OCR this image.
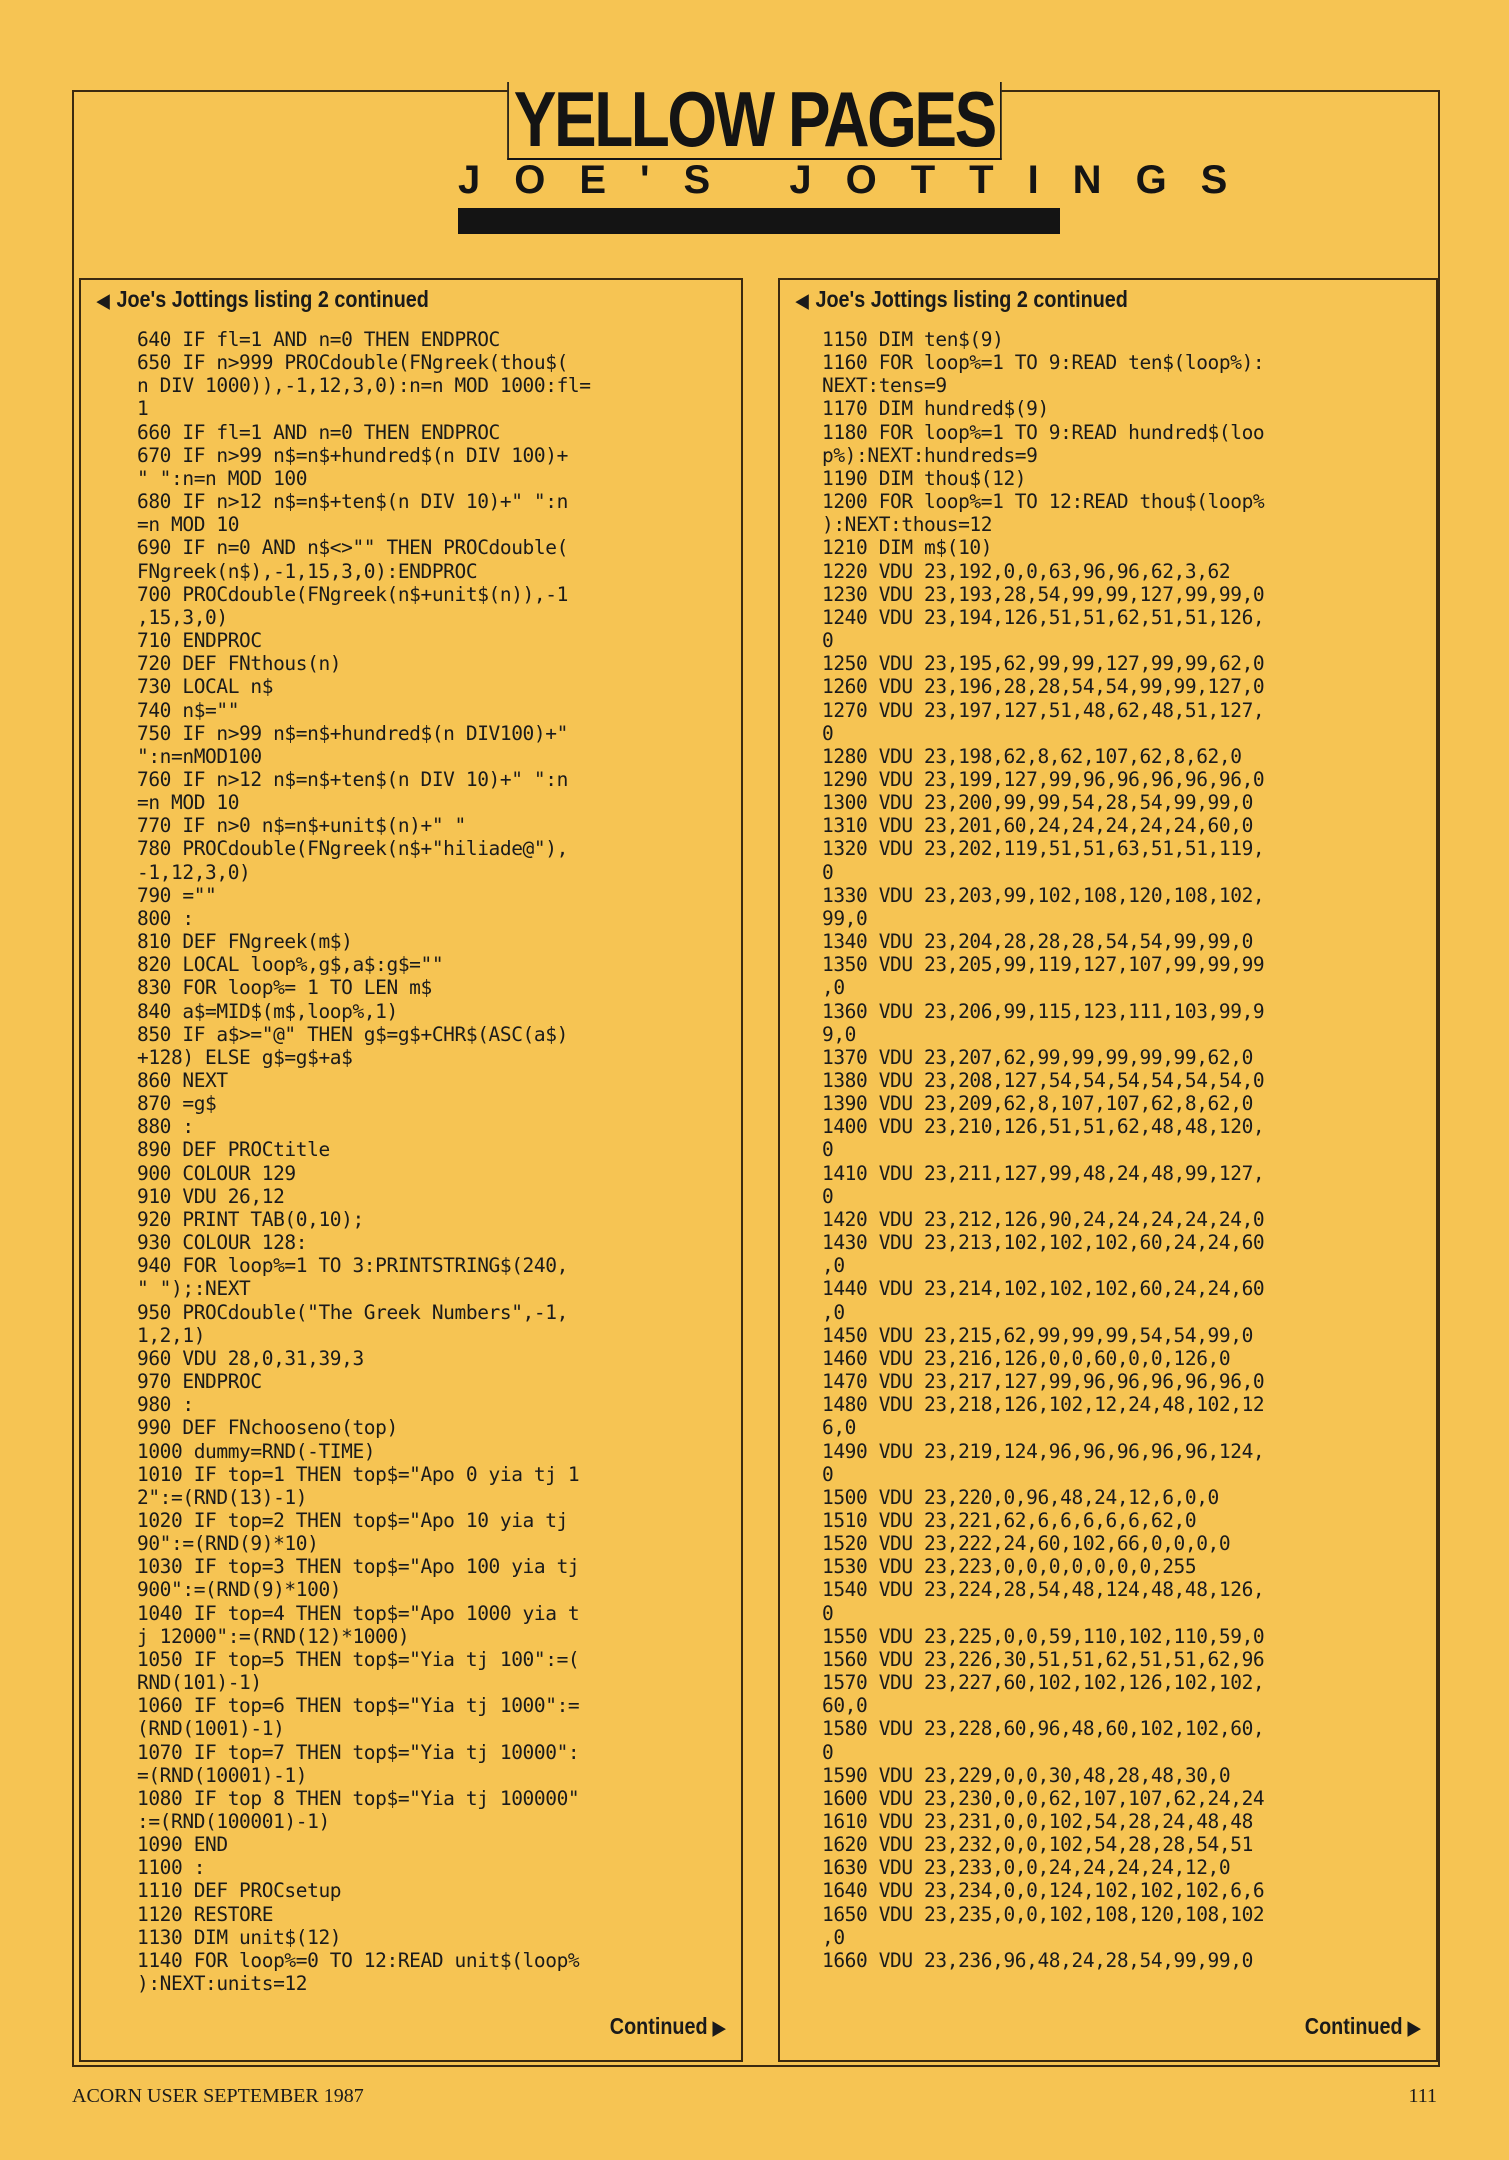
YELLOW PAGES
JOE'S JOTTINGS
◀ Joe's Jottings listing 2 continued
640 IF fl=1 AND n=0 THEN ENDPROC
650 IF n>999 PROCdouble(FNgreek(thou$(
n DIV 1000)),-1,12,3,0):n=n MOD 1000:fl=
1
660 IF fl=1 AND n=0 THEN ENDPROC
670 IF n>99 n$=n$+hundred$(n DIV 100)+
" ":n=n MOD 100
680 IF n>12 n$=n$+ten$(n DIV 10)+" ":n
=n MOD 10
690 IF n=0 AND n$<>"" THEN PROCdouble(
FNgreek(n$),-1,15,3,0):ENDPROC
700 PROCdouble(FNgreek(n$+unit$(n)),-1
,15,3,0)
710 ENDPROC
720 DEF FNthous(n)
730 LOCAL n$
740 n$=""
750 IF n>99 n$=n$+hundred$(n DIV100)+"
":n=nMOD100
760 IF n>12 n$=n$+ten$(n DIV 10)+" ":n
=n MOD 10
770 IF n>0 n$=n$+unit$(n)+" "
780 PROCdouble(FNgreek(n$+"hiliade@"),
-1,12,3,0)
790 =""
800 :
810 DEF FNgreek(m$)
820 LOCAL loop%,g$,a$:g$=""
830 FOR loop%= 1 TO LEN m$
840 a$=MID$(m$,loop%,1)
850 IF a$>="@" THEN g$=g$+CHR$(ASC(a$)
+128) ELSE g$=g$+a$
860 NEXT
870 =g$
880 :
890 DEF PROCtitle
900 COLOUR 129
910 VDU 26,12
920 PRINT TAB(0,10);
930 COLOUR 128:
940 FOR loop%=1 TO 3:PRINTSTRING$(240,
" ");:NEXT
950 PROCdouble("The Greek Numbers",-1,
1,2,1)
960 VDU 28,0,31,39,3
970 ENDPROC
980 :
990 DEF FNchooseno(top)
1000 dummy=RND(-TIME)
1010 IF top=1 THEN top$="Apo 0 yia tj 1
2":=(RND(13)-1)
1020 IF top=2 THEN top$="Apo 10 yia tj
90":=(RND(9)*10)
1030 IF top=3 THEN top$="Apo 100 yia tj
900":=(RND(9)*100)
1040 IF top=4 THEN top$="Apo 1000 yia t
j 12000":=(RND(12)*1000)
1050 IF top=5 THEN top$="Yia tj 100":=(
RND(101)-1)
1060 IF top=6 THEN top$="Yia tj 1000":=
(RND(1001)-1)
1070 IF top=7 THEN top$="Yia tj 10000":
=(RND(10001)-1)
1080 IF top 8 THEN top$="Yia tj 100000"
:=(RND(100001)-1)
1090 END
1100 :
1110 DEF PROCsetup
1120 RESTORE
1130 DIM unit$(12)
1140 FOR loop%=0 TO 12:READ unit$(loop%
):NEXT:units=12
Continued ▶
◀ Joe's Jottings listing 2 continued
1150 DIM ten$(9)
1160 FOR loop%=1 TO 9:READ ten$(loop%):
NEXT:tens=9
1170 DIM hundred$(9)
1180 FOR loop%=1 TO 9:READ hundred$(loo
p%):NEXT:hundreds=9
1190 DIM thou$(12)
1200 FOR loop%=1 TO 12:READ thou$(loop%
):NEXT:thous=12
1210 DIM m$(10)
1220 VDU 23,192,0,0,63,96,96,62,3,62
1230 VDU 23,193,28,54,99,99,127,99,99,0
1240 VDU 23,194,126,51,51,62,51,51,126,
0
1250 VDU 23,195,62,99,99,127,99,99,62,0
1260 VDU 23,196,28,28,54,54,99,99,127,0
1270 VDU 23,197,127,51,48,62,48,51,127,
0
1280 VDU 23,198,62,8,62,107,62,8,62,0
1290 VDU 23,199,127,99,96,96,96,96,96,0
1300 VDU 23,200,99,99,54,28,54,99,99,0
1310 VDU 23,201,60,24,24,24,24,24,60,0
1320 VDU 23,202,119,51,51,63,51,51,119,
0
1330 VDU 23,203,99,102,108,120,108,102,
99,0
1340 VDU 23,204,28,28,28,54,54,99,99,0
1350 VDU 23,205,99,119,127,107,99,99,99
,0
1360 VDU 23,206,99,115,123,111,103,99,9
9,0
1370 VDU 23,207,62,99,99,99,99,99,62,0
1380 VDU 23,208,127,54,54,54,54,54,54,0
1390 VDU 23,209,62,8,107,107,62,8,62,0
1400 VDU 23,210,126,51,51,62,48,48,120,
0
1410 VDU 23,211,127,99,48,24,48,99,127,
0
1420 VDU 23,212,126,90,24,24,24,24,24,0
1430 VDU 23,213,102,102,102,60,24,24,60
,0
1440 VDU 23,214,102,102,102,60,24,24,60
,0
1450 VDU 23,215,62,99,99,99,54,54,99,0
1460 VDU 23,216,126,0,0,60,0,0,126,0
1470 VDU 23,217,127,99,96,96,96,96,96,0
1480 VDU 23,218,126,102,12,24,48,102,12
6,0
1490 VDU 23,219,124,96,96,96,96,96,124,
0
1500 VDU 23,220,0,96,48,24,12,6,0,0
1510 VDU 23,221,62,6,6,6,6,6,62,0
1520 VDU 23,222,24,60,102,66,0,0,0,0
1530 VDU 23,223,0,0,0,0,0,0,0,255
1540 VDU 23,224,28,54,48,124,48,48,126,
0
1550 VDU 23,225,0,0,59,110,102,110,59,0
1560 VDU 23,226,30,51,51,62,51,51,62,96
1570 VDU 23,227,60,102,102,126,102,102,
60,0
1580 VDU 23,228,60,96,48,60,102,102,60,
0
1590 VDU 23,229,0,0,30,48,28,48,30,0
1600 VDU 23,230,0,0,62,107,107,62,24,24
1610 VDU 23,231,0,0,102,54,28,24,48,48
1620 VDU 23,232,0,0,102,54,28,28,54,51
1630 VDU 23,233,0,0,24,24,24,24,12,0
1640 VDU 23,234,0,0,124,102,102,102,6,6
1650 VDU 23,235,0,0,102,108,120,108,102
,0
1660 VDU 23,236,96,48,24,28,54,99,99,0
Continued ▶
ACORN USER SEPTEMBER 1987	111
